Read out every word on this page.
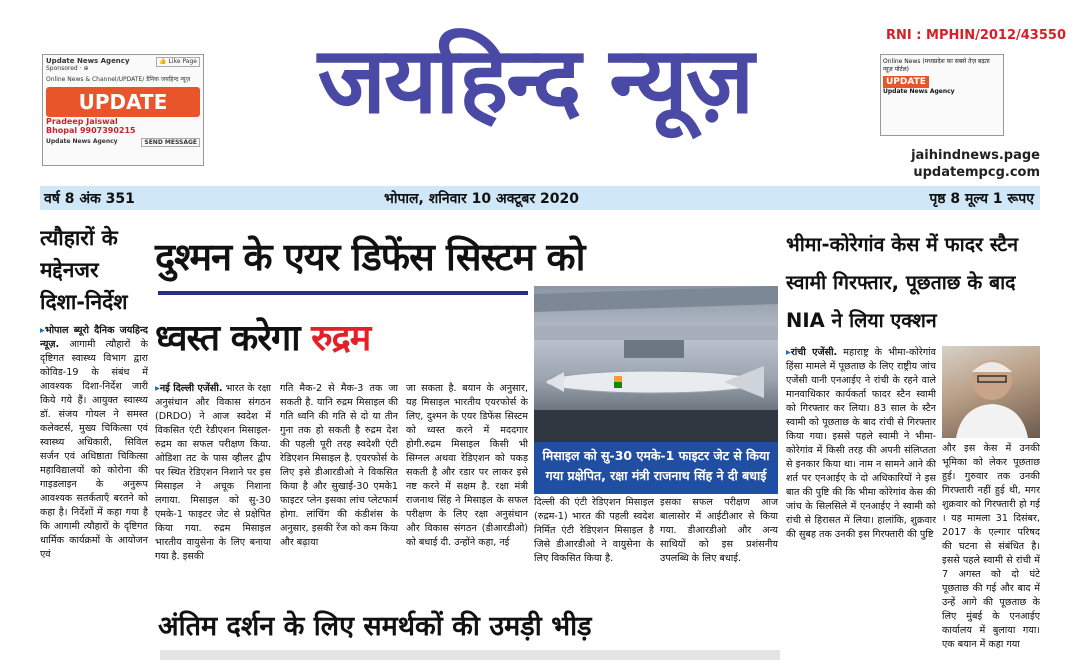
जयहिन्द न्यूज़	RNI : MPHIN/2012/43550
jaihindnews.page
updatempcg.com
Update News Agency
Sponsored · ⊕
👍 Like Page
Online News & Channel/UPDATE/ डैनिक जयहिन्द न्यूज़
UPDATE
Pradeep Jaiswal
Bhopal 9907390215
Update News Agency	SEND MESSAGE
Online News (मध्यप्रदेश का सबसे तेज़ बढ़ता न्यूज़ पोर्टल)
UPDATE
Update News Agency
वर्ष 8 अंक 351	भोपाल, शनिवार 10 अक्टूबर 2020	पृष्ठ 8 मूल्य 1 रूपए
त्यौहारों के मद्देनजर दिशा-निर्देश
▸भोपाल ब्यूरो दैनिक जयहिन्द न्यूज़. आगामी त्यौहारों के दृष्टिगत स्वास्थ्य विभाग द्वारा कोविड-19 के संबंध में आवश्यक दिशा-निर्देश जारी किये गये हैं। आयुक्त स्वास्थ्य डॉ. संजय गोयल ने समस्त कलेक्टर्स, मुख्य चिकित्सा एवं स्वास्थ्य अधिकारी, सिविल सर्जन एवं अधिष्ठाता चिकित्सा महाविद्यालयों को कोरोना की गाइडलाइन के अनुरूप आवश्यक सतर्कताएँ बरतने को कहा है। निर्देशों में कहा गया है कि आगामी त्यौहारों के दृष्टिगत धार्मिक कार्यक्रमों के आयोजन एवं
दुश्मन के एयर डिफेंस सिस्टम को
ध्वस्त करेगा रुद्रम
मिसाइल को सु-30 एमके-1 फाइटर जेट से किया गया प्रक्षेपित, रक्षा मंत्री राजनाथ सिंह ने दी बधाई
▸नई दिल्ली एजेंसी. भारत के रक्षा अनुसंधान और विकास संगठन (DRDO) ने आज स्वदेश में विकसित एंटी रेडीएशन मिसाइल- रुद्रम का सफल परीक्षण किया. ओडिशा तट के पास व्हीलर द्वीप पर स्थित रेडिएशन निशाने पर इस मिसाइल ने अचूक निशाना लगाया. मिसाइल को सु-30 एमके-1 फाइटर जेट से प्रक्षेपित किया गया. रुद्रम मिसाइल भारतीय वायुसेना के लिए बनाया गया है. इसकी
गति मैक-2 से मैक-3 तक जा सकती है. यानि रुद्रम मिसाइल की गति ध्वनि की गति से दो या तीन गुना तक हो सकती है रुद्रम देश की पहली पूरी तरह स्वदेशी एंटी रेडिएशन मिसाइल है. एयरफोर्स के लिए इसे डीआरडीओ ने विकसित किया है और सुखाई-30 एमके1 फाइटर प्लेन इसका लांच प्लेटफार्म होगा. लांचिंग की कंडीशंस के अनुसार, इसकी रेंज को कम किया और बढ़ाया
जा सकता है. बयान के अनुसार, यह मिसाइल भारतीय एयरफोर्स के लिए, दुश्मन के एयर डिफेंस सिस्टम को ध्वस्त करने में मददगार होगी.रुद्रम मिसाइल किसी भी सिग्नल अथवा रेडिएशन को पकड़ सकती है और रडार पर लाकर इसे नष्ट करने में सक्षम है. रक्षा मंत्री राजनाथ सिंह ने मिसाइल के सफल परीक्षण के लिए रक्षा अनुसंधान और विकास संगठन (डीआरडीओ) को बधाई दी. उन्होंने कहा, नई
दिल्ली की एंटी रेडिएशन मिसाइल (रुद्रम-1) भारत की पहली स्वदेश निर्मित एंटी रेडिएशन मिसाइल है जिसे डीआरडीओ ने वायुसेना के लिए विकसित किया है.
इसका सफल परीक्षण आज बालासोर में आईटीआर से किया गया. डीआरडीओ और अन्य साथियों को इस प्रशंसनीय उपलब्धि के लिए बधाई.
अंतिम दर्शन के लिए समर्थकों की उमड़ी भीड़
भीमा-कोरेगांव केस में फादर स्टैन स्वामी गिरफ्तार, पूछताछ के बाद NIA ने लिया एक्शन
▸रांची एजेंसी. महाराष्ट्र के भीमा-कोरेगांव हिंसा मामले में पूछताछ के लिए राष्ट्रीय जांच एजेंसी यानी एनआईए ने रांची के रहने वाले मानवाधिकार कार्यकर्ता फादर स्टैन स्वामी को गिरफ्तार कर लिया। 83 साल के स्टैन स्वामी को पूछताछ के बाद रांची से गिरफ्तार किया गया। इससे पहले स्वामी ने भीमा-कोरेगांव में किसी तरह की अपनी संलिप्तता से इनकार किया था। नाम न सामने आने की शर्त पर एनआईए के दो अधिकारियों ने इस बात की पुष्टि की कि भीमा कोरेगांव केस की जांच के सिलसिले में एनआईए ने स्वामी को रांची से हिरासत में लिया। हालांकि, शुक्रवार की सुबह तक उनकी इस गिरफ्तारी की पुष्टि
और इस केस में उनकी भूमिका को लेकर पूछताछ हुई। गुरुवार तक उनकी गिरफ्तारी नहीं हुई थी, मगर शुक्रवार को गिरफ्तारी हो गई । यह मामला 31 दिसंबर, 2017 के एल्गार परिषद की घटना से संबंधित है। इससे पहले स्वामी से रांची में 7 अगस्त को दो घंटे पूछताछ की गई और बाद में उन्हें आगे की पूछताछ के लिए मुंबई के एनआईए कार्यालय में बुलाया गया। एक बयान में कहा गया
